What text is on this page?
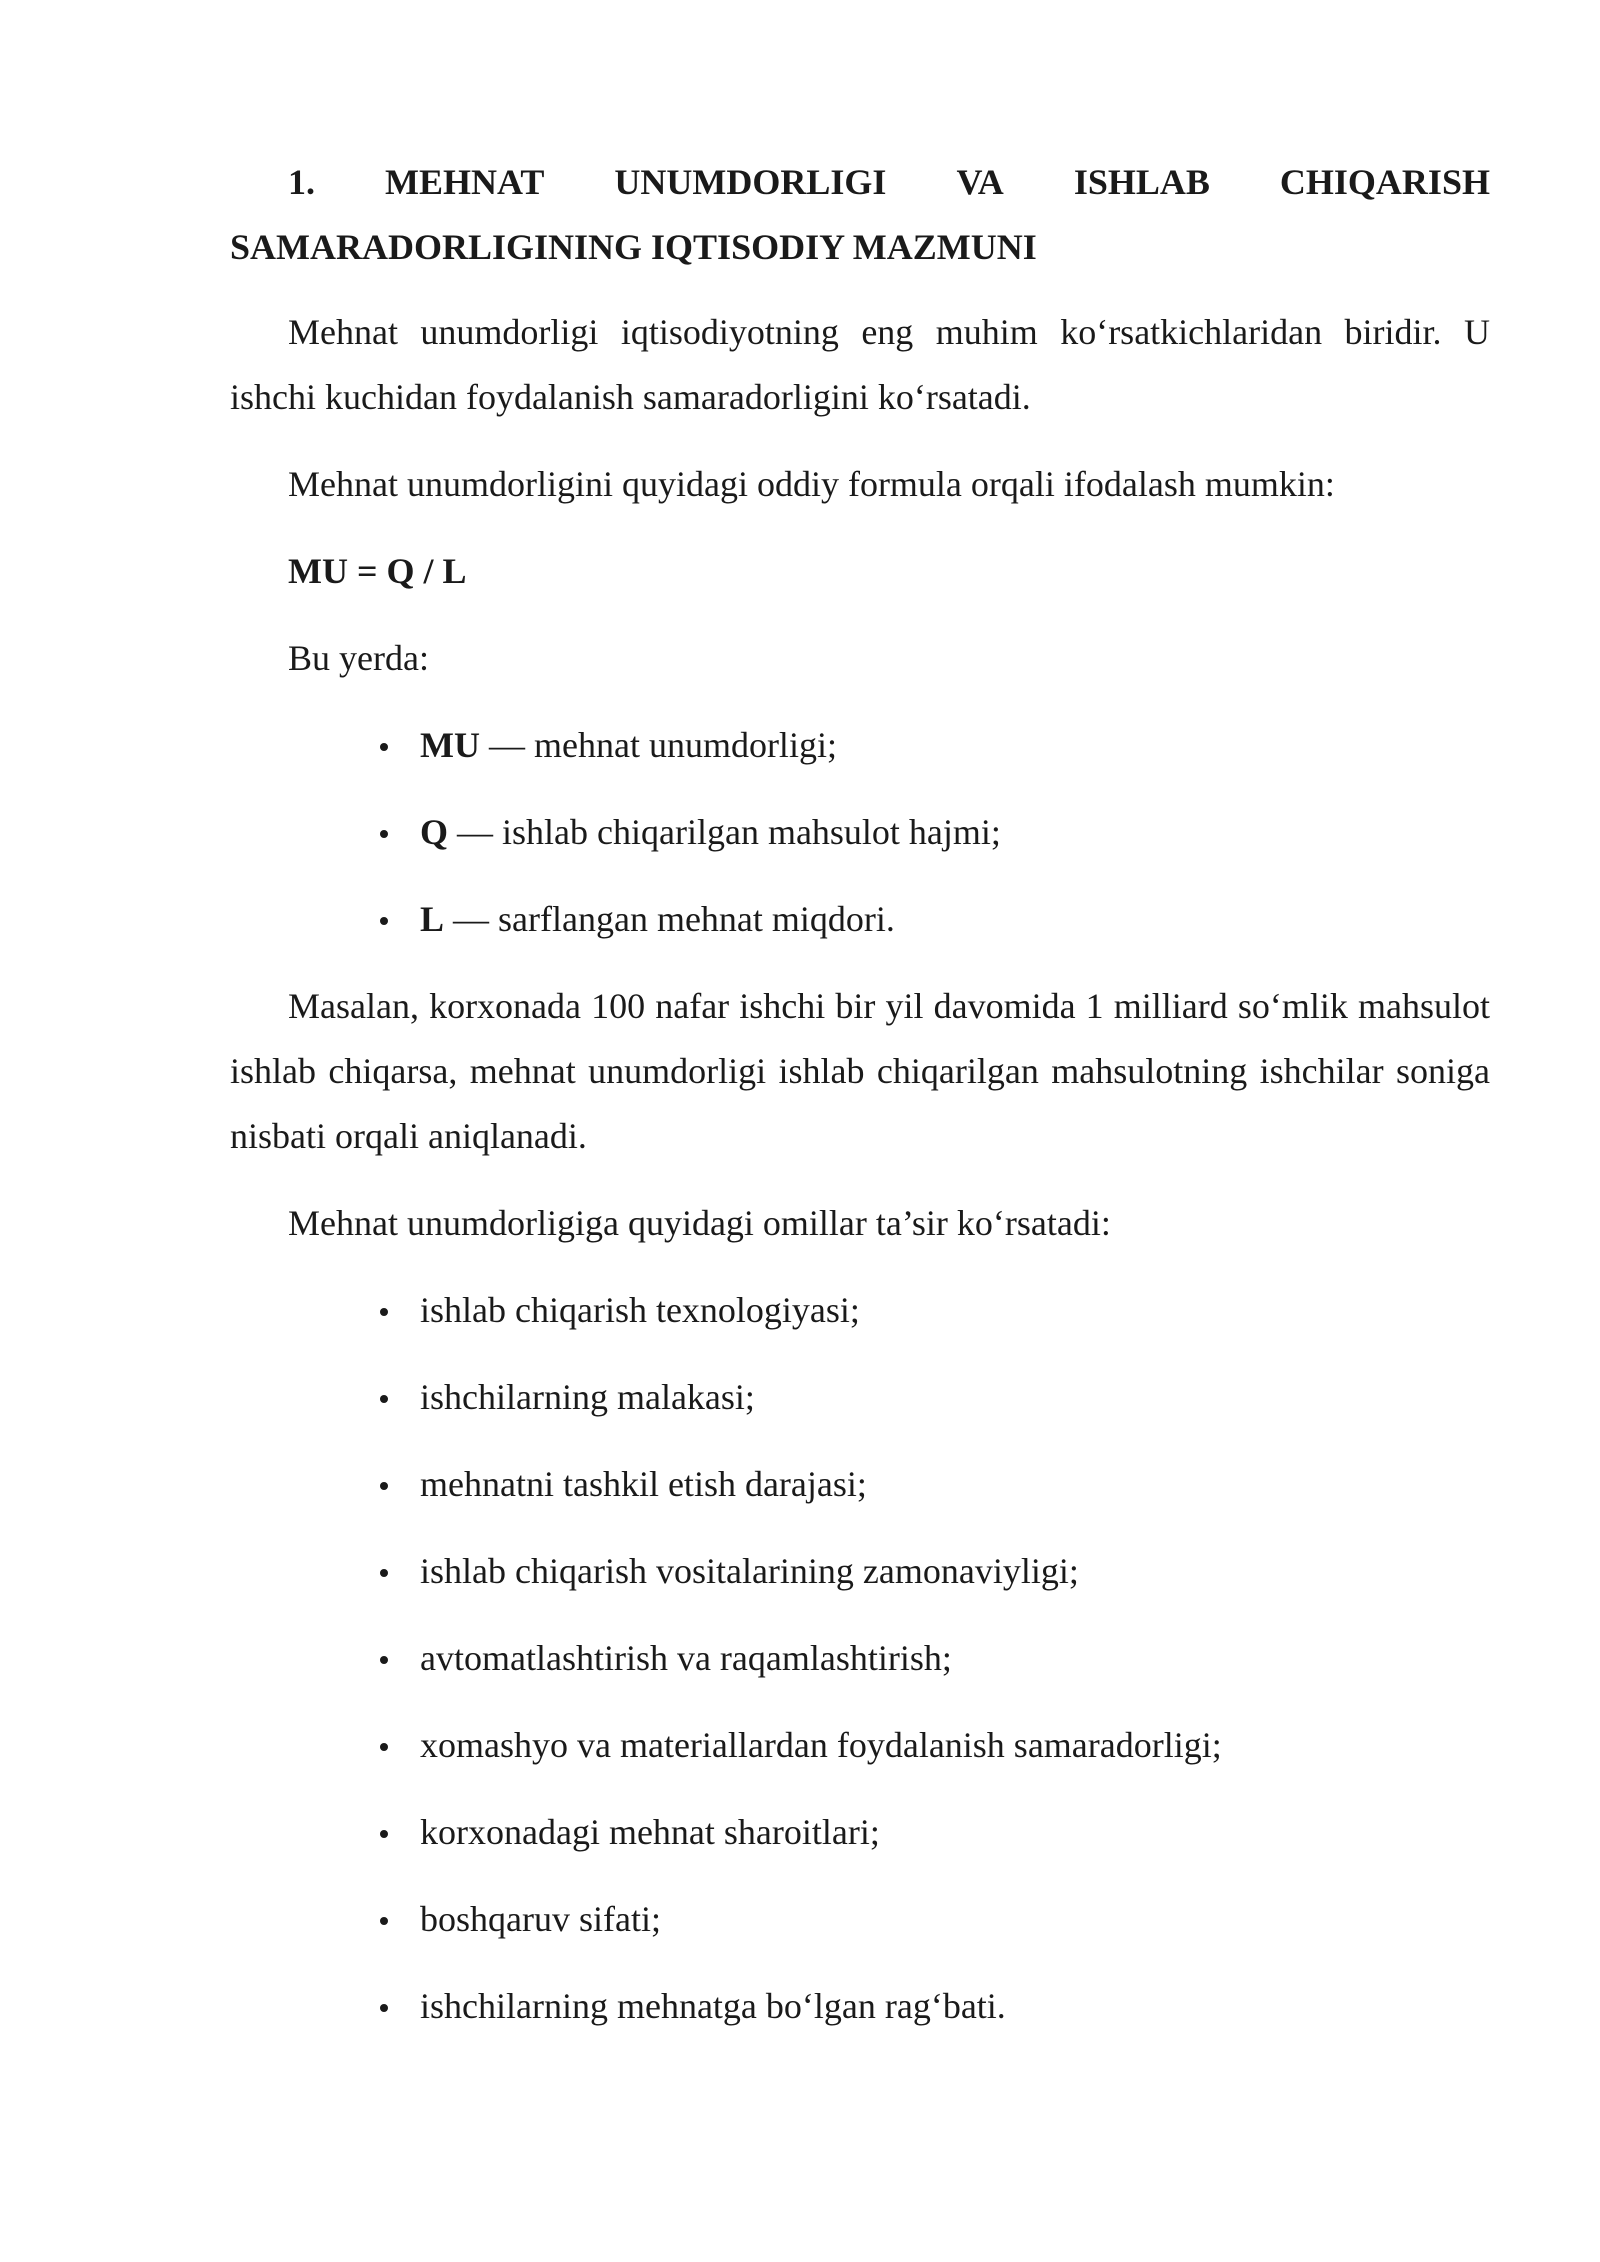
1. MEHNAT UNUMDORLIGI VA ISHLAB CHIQARISH
SAMARADORLIGINING IQTISODIY MAZMUNI

Mehnat unumdorligi iqtisodiyotning eng muhim ko‘rsatkichlaridan biridir. U ishchi kuchidan foydalanish samaradorligini ko‘rsatadi.

Mehnat unumdorligini quyidagi oddiy formula orqali ifodalash mumkin:

MU = Q / L
Bu yerda:
MU — mehnat unumdorligi;
Q — ishlab chiqarilgan mahsulot hajmi;
L — sarflangan mehnat miqdori.

Masalan, korxonada 100 nafar ishchi bir yil davomida 1 milliard so‘mlik mahsulot ishlab chiqarsa, mehnat unumdorligi ishlab chiqarilgan mahsulotning ishchilar soniga nisbati orqali aniqlanadi.

Mehnat unumdorligiga quyidagi omillar ta’sir ko‘rsatadi:

ishlab chiqarish texnologiyasi;
ishchilarning malakasi;
mehnatni tashkil etish darajasi;
ishlab chiqarish vositalarining zamonaviyligi;
avtomatlashtirish va raqamlashtirish;
xomashyo va materiallardan foydalanish samaradorligi;
korxonadagi mehnat sharoitlari;
boshqaruv sifati;
ishchilarning mehnatga bo‘lgan rag‘bati.
